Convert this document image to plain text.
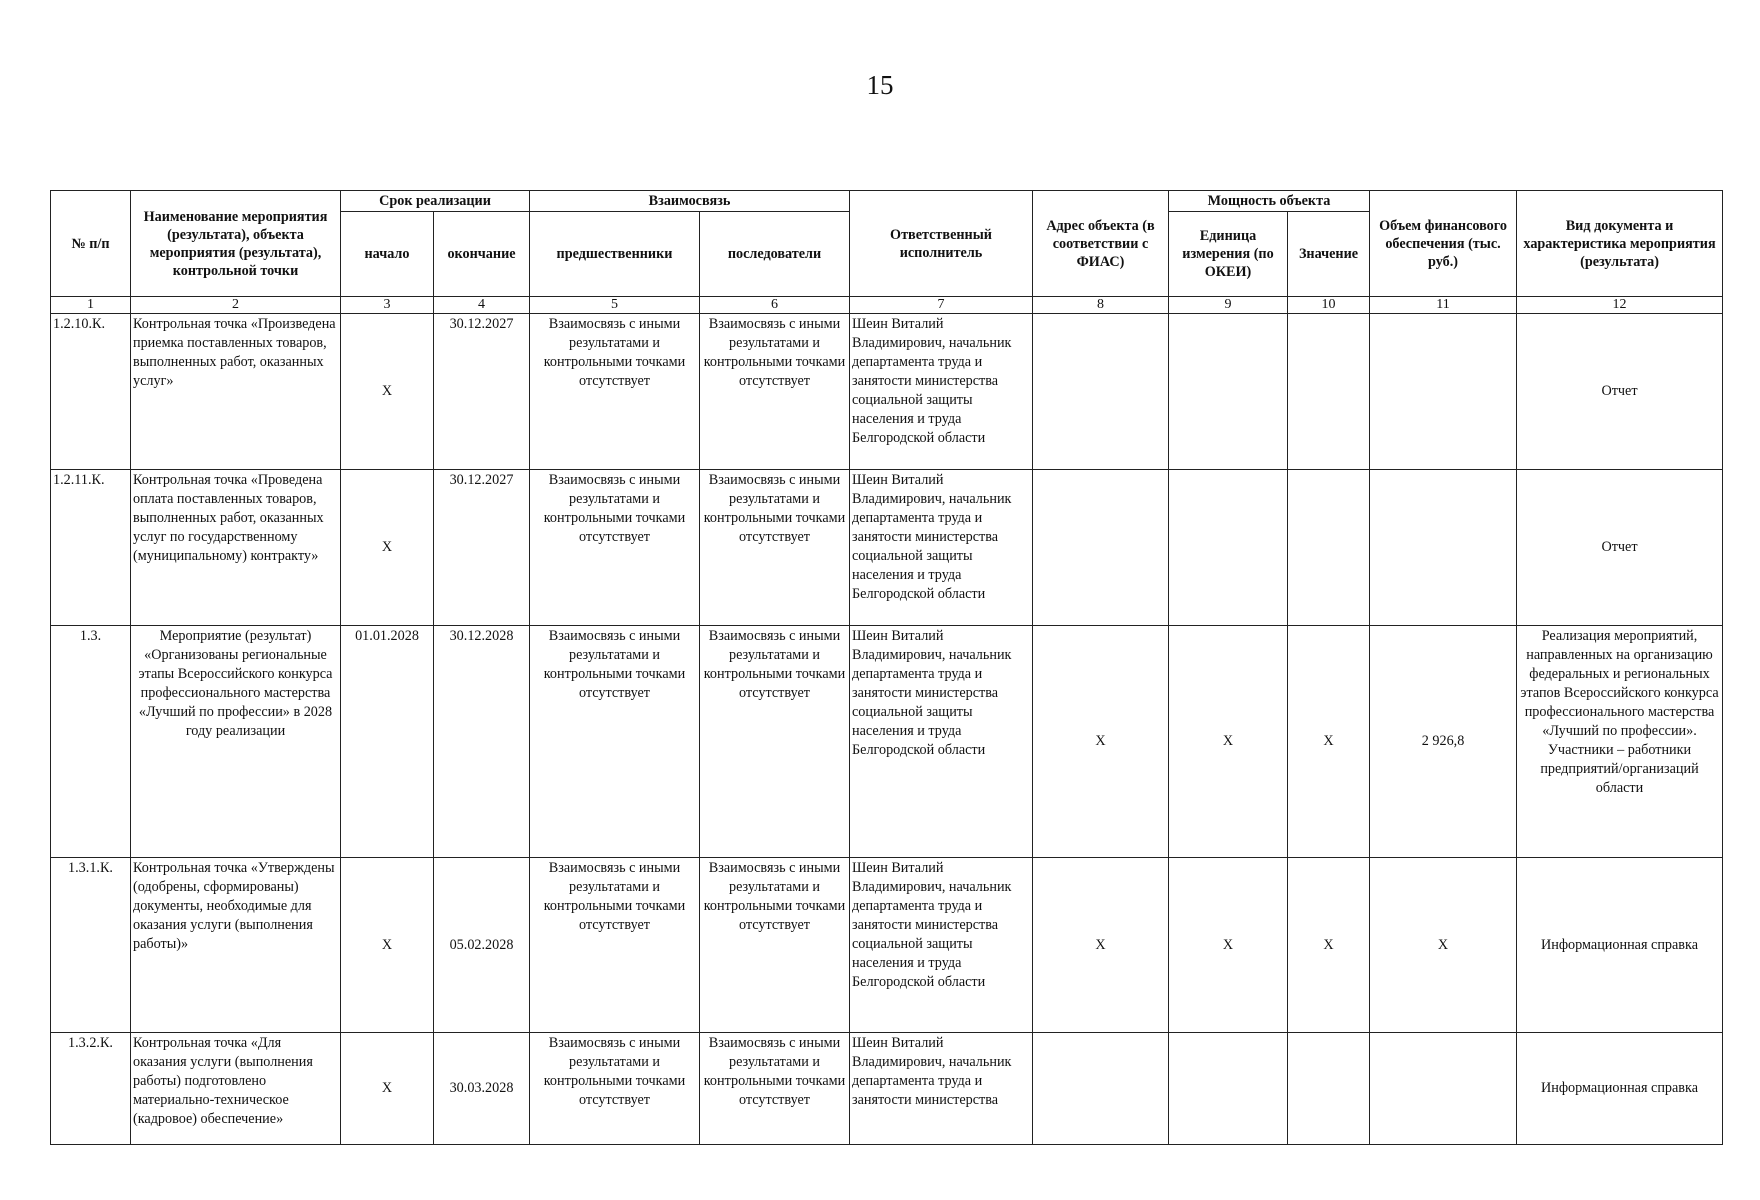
15
№ п/п	Наименование мероприятия (результата), объекта мероприятия (результата), контрольной точки	Срок реализации		Взаимосвязь		Ответственный исполнитель	Адрес объекта (в соответствии с ФИАС)	Мощность объекта		Объем финансового обеспечения (тыс. руб.)	Вид документа и характеристика мероприятия (результата)
		начало	окончание	предшественники	последователи			Единица измерения (по ОКЕИ)	Значение		
1	2	3	4	5	6	7	8	9	10	11	12
1.2.10.К.	Контрольная точка «Произведена приемка поставленных товаров, выполненных работ, оказанных услуг»	X	30.12.2027	Взаимосвязь с иными результатами и контрольными точками отсутствует	Взаимосвязь с иными результатами и контрольными точками отсутствует	Шеин Виталий Владимирович, начальник департамента труда и занятости министерства социальной защиты населения и труда Белгородской области					Отчет
1.2.11.К.	Контрольная точка «Проведена оплата поставленных товаров, выполненных работ, оказанных услуг по государственному (муниципальному) контракту»	X	30.12.2027	Взаимосвязь с иными результатами и контрольными точками отсутствует	Взаимосвязь с иными результатами и контрольными точками отсутствует	Шеин Виталий Владимирович, начальник департамента труда и занятости министерства социальной защиты населения и труда Белгородской области					Отчет
1.3.	Мероприятие (результат) «Организованы региональные этапы Всероссийского конкурса профессионального мастерства «Лучший по профессии» в 2028 году реализации	01.01.2028	30.12.2028	Взаимосвязь с иными результатами и контрольными точками отсутствует	Взаимосвязь с иными результатами и контрольными точками отсутствует	Шеин Виталий Владимирович, начальник департамента труда и занятости министерства социальной защиты населения и труда Белгородской области	X	X	X	2 926,8	Реализация мероприятий, направленных на организацию федеральных и региональных этапов Всероссийского конкурса профессионального мастерства «Лучший по профессии». Участники – работники предприятий/организаций области
1.3.1.К.	Контрольная точка «Утверждены (одобрены, сформированы) документы, необходимые для оказания услуги (выполнения работы)»	X	05.02.2028	Взаимосвязь с иными результатами и контрольными точками отсутствует	Взаимосвязь с иными результатами и контрольными точками отсутствует	Шеин Виталий Владимирович, начальник департамента труда и занятости министерства социальной защиты населения и труда Белгородской области	X	X	X	X	Информационная справка
1.3.2.К.	Контрольная точка «Для оказания услуги (выполнения работы) подготовлено материально-техническое (кадровое) обеспечение»	X	30.03.2028	Взаимосвязь с иными результатами и контрольными точками отсутствует	Взаимосвязь с иными результатами и контрольными точками отсутствует	Шеин Виталий Владимирович, начальник департамента труда и занятости министерства					Информационная справка
